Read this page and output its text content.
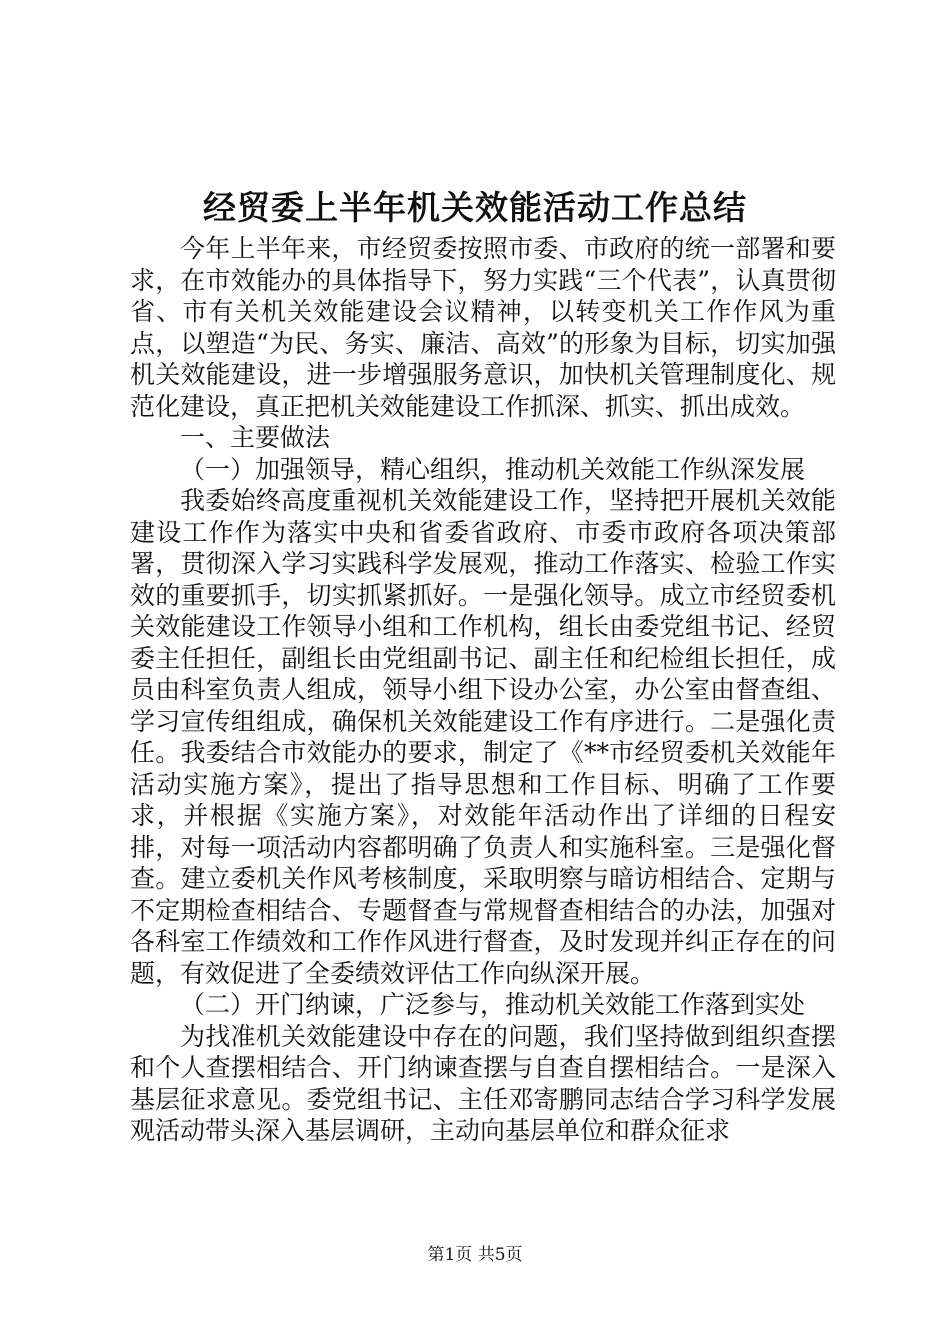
经贸委上半年机关效能活动工作总结

今年上半年来，市经贸委按照市委、市政府的统一部署和要求，在市效能办的具体指导下，努力实践“三个代表”，认真贯彻省、市有关机关效能建设会议精神，以转变机关工作作风为重点，以塑造“为民、务实、廉洁、高效”的形象为目标，切实加强机关效能建设，进一步增强服务意识，加快机关管理制度化、规范化建设，真正把机关效能建设工作抓深、抓实、抓出成效。

一、主要做法

（一）加强领导，精心组织，推动机关效能工作纵深发展

我委始终高度重视机关效能建设工作，坚持把开展机关效能建设工作作为落实中央和省委省政府、市委市政府各项决策部署，贯彻深入学习实践科学发展观，推动工作落实、检验工作实效的重要抓手，切实抓紧抓好。一是强化领导。成立市经贸委机关效能建设工作领导小组和工作机构，组长由委党组书记、经贸委主任担任，副组长由党组副书记、副主任和纪检组长担任，成员由科室负责人组成，领导小组下设办公室，办公室由督查组、学习宣传组组成，确保机关效能建设工作有序进行。二是强化责任。我委结合市效能办的要求，制定了《**市经贸委机关效能年活动实施方案》，提出了指导思想和工作目标、明确了工作要求，并根据《实施方案》，对效能年活动作出了详细的日程安排，对每一项活动内容都明确了负责人和实施科室。三是强化督查。建立委机关作风考核制度，采取明察与暗访相结合、定期与不定期检查相结合、专题督查与常规督查相结合的办法，加强对各科室工作绩效和工作作风进行督查，及时发现并纠正存在的问题，有效促进了全委绩效评估工作向纵深开展。

（二）开门纳谏，广泛参与，推动机关效能工作落到实处

为找准机关效能建设中存在的问题，我们坚持做到组织查摆和个人查摆相结合、开门纳谏查摆与自查自摆相结合。一是深入基层征求意见。委党组书记、主任邓寄鹏同志结合学习科学发展观活动带头深入基层调研，主动向基层单位和群众征求

第1页 共5页
